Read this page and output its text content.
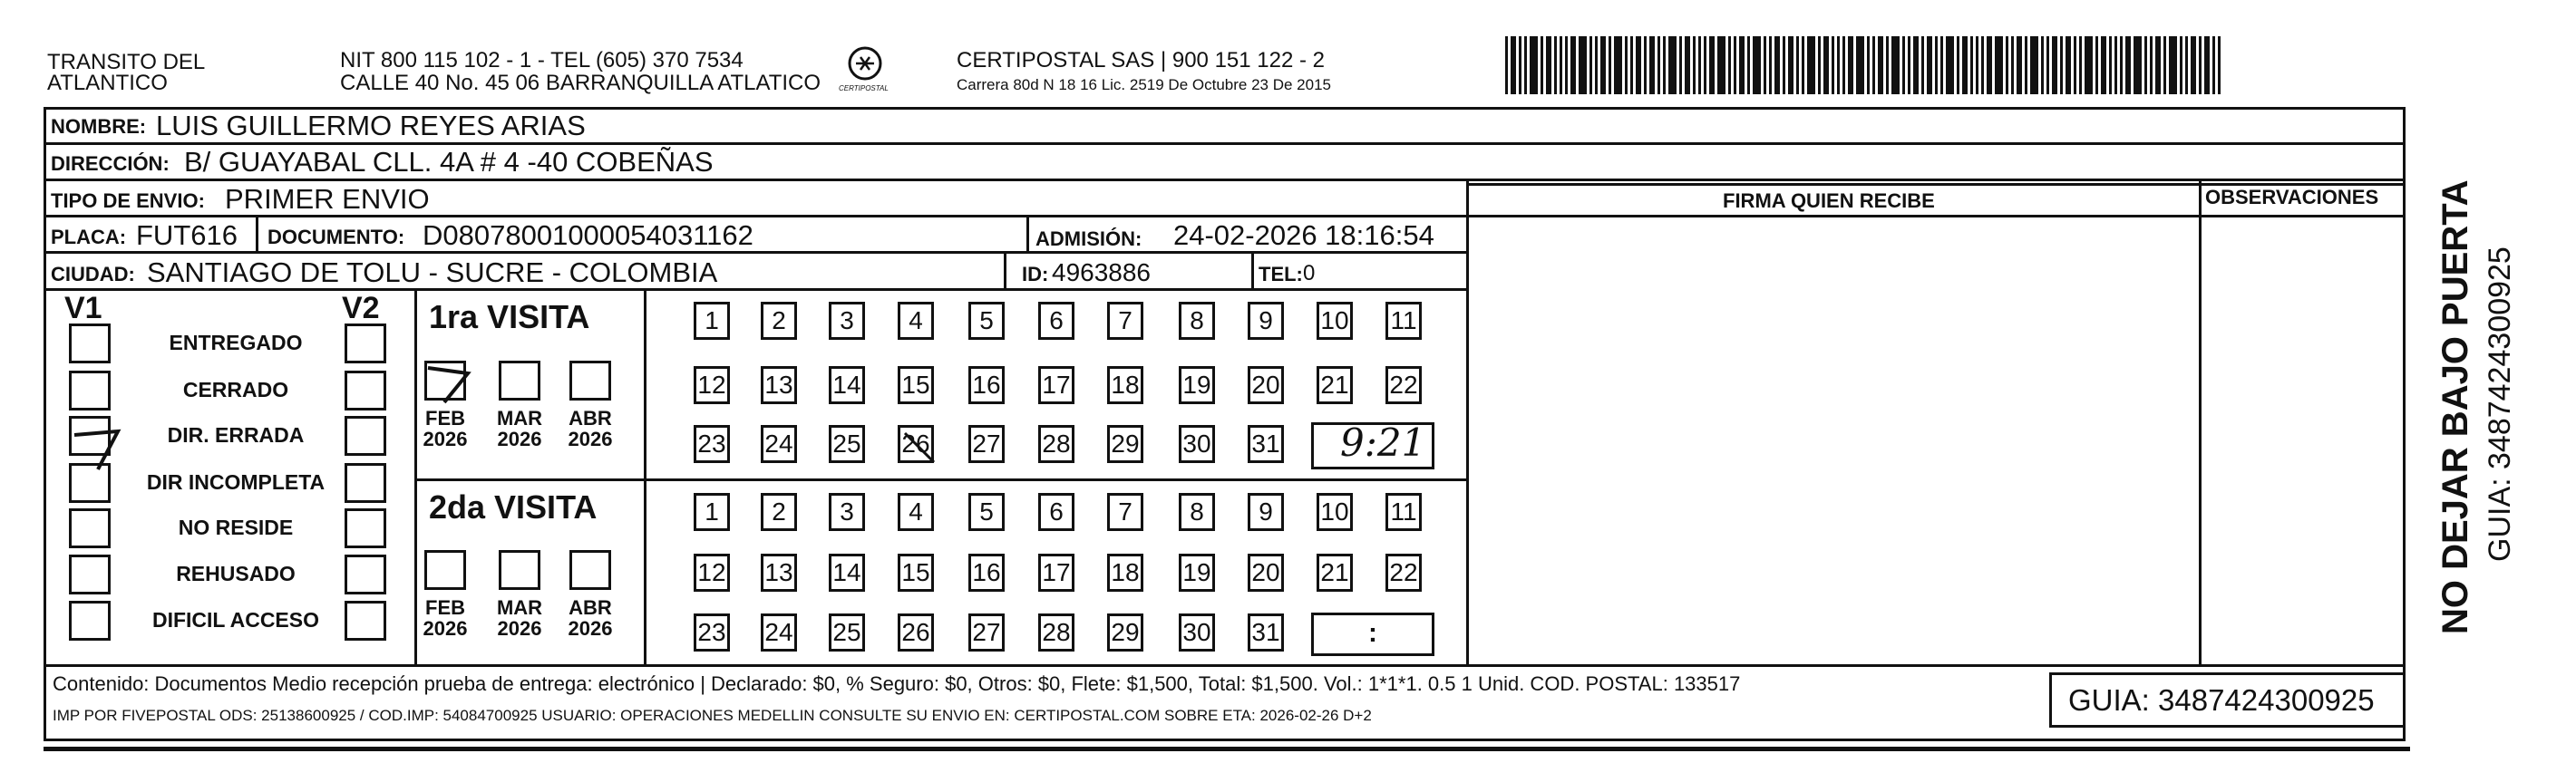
TRANSITO DEL
ATLANTICO
NIT 800 115 102 - 1 - TEL (605) 370 7534
CALLE 40 No. 45 06 BARRANQUILLA ATLATICO CERTIPOSTAL
CERTIPOSTAL SAS | 900 151 122 - 2
Carrera 80d N 18 16 Lic. 2519 De Octubre 23 De 2015
NOMBRE: LUIS GUILLERMO REYES ARIAS
DIRECCIÓN: B/ GUAYABAL CLL. 4A # 4 -40 COBEÑAS
TIPO DE ENVIO: PRIMER ENVIO	FIRMA QUIEN RECIBE	OBSERVACIONES
PLACA: FUT616 DOCUMENTO: D08078001000054031162	ADMISIÓN: 24-02-2026 18:16:54
CIUDAD: SANTIAGO DE TOLU - SUCRE - COLOMBIA	ID: 4963886	TEL: 0
V1	V2
ENTREGADO
CERRADO
DIR. ERRADA
DIR INCOMPLETA
NO RESIDE
REHUSADO
DIFICIL ACCESO
1ra VISITA
2da VISITA
FEB
2026
MAR
2026
ABR
2026
FEB
2026
MAR
2026
ABR
2026
1	2	3	4	5	6	7	8	9	10 11
12 13 14 15 16 17 18 19 20 21 22
23 24 25 26 27 28 29 30 31
1	2	3	4	5	6	7	8	9	10 11
12 13 14 15 16 17 18 19 20 21 22
23 24 25 26 27 28 29 30 31
9:21
:
Contenido: Documentos Medio recepción prueba de entrega: electrónico | Declarado: $0, % Seguro: $0, Otros: $0, Flete: $1,500, Total: $1,500. Vol.: 1*1*1. 0.5 1 Unid. COD. POSTAL: 133517
IMP POR FIVEPOSTAL ODS: 25138600925 / COD.IMP: 54084700925 USUARIO: OPERACIONES MEDELLIN CONSULTE SU ENVIO EN: CERTIPOSTAL.COM SOBRE ETA: 2026-02-26 D+2	GUIA: 3487424300925
NO DEJAR BAJO PUERTA GUIA: 3487424300925
